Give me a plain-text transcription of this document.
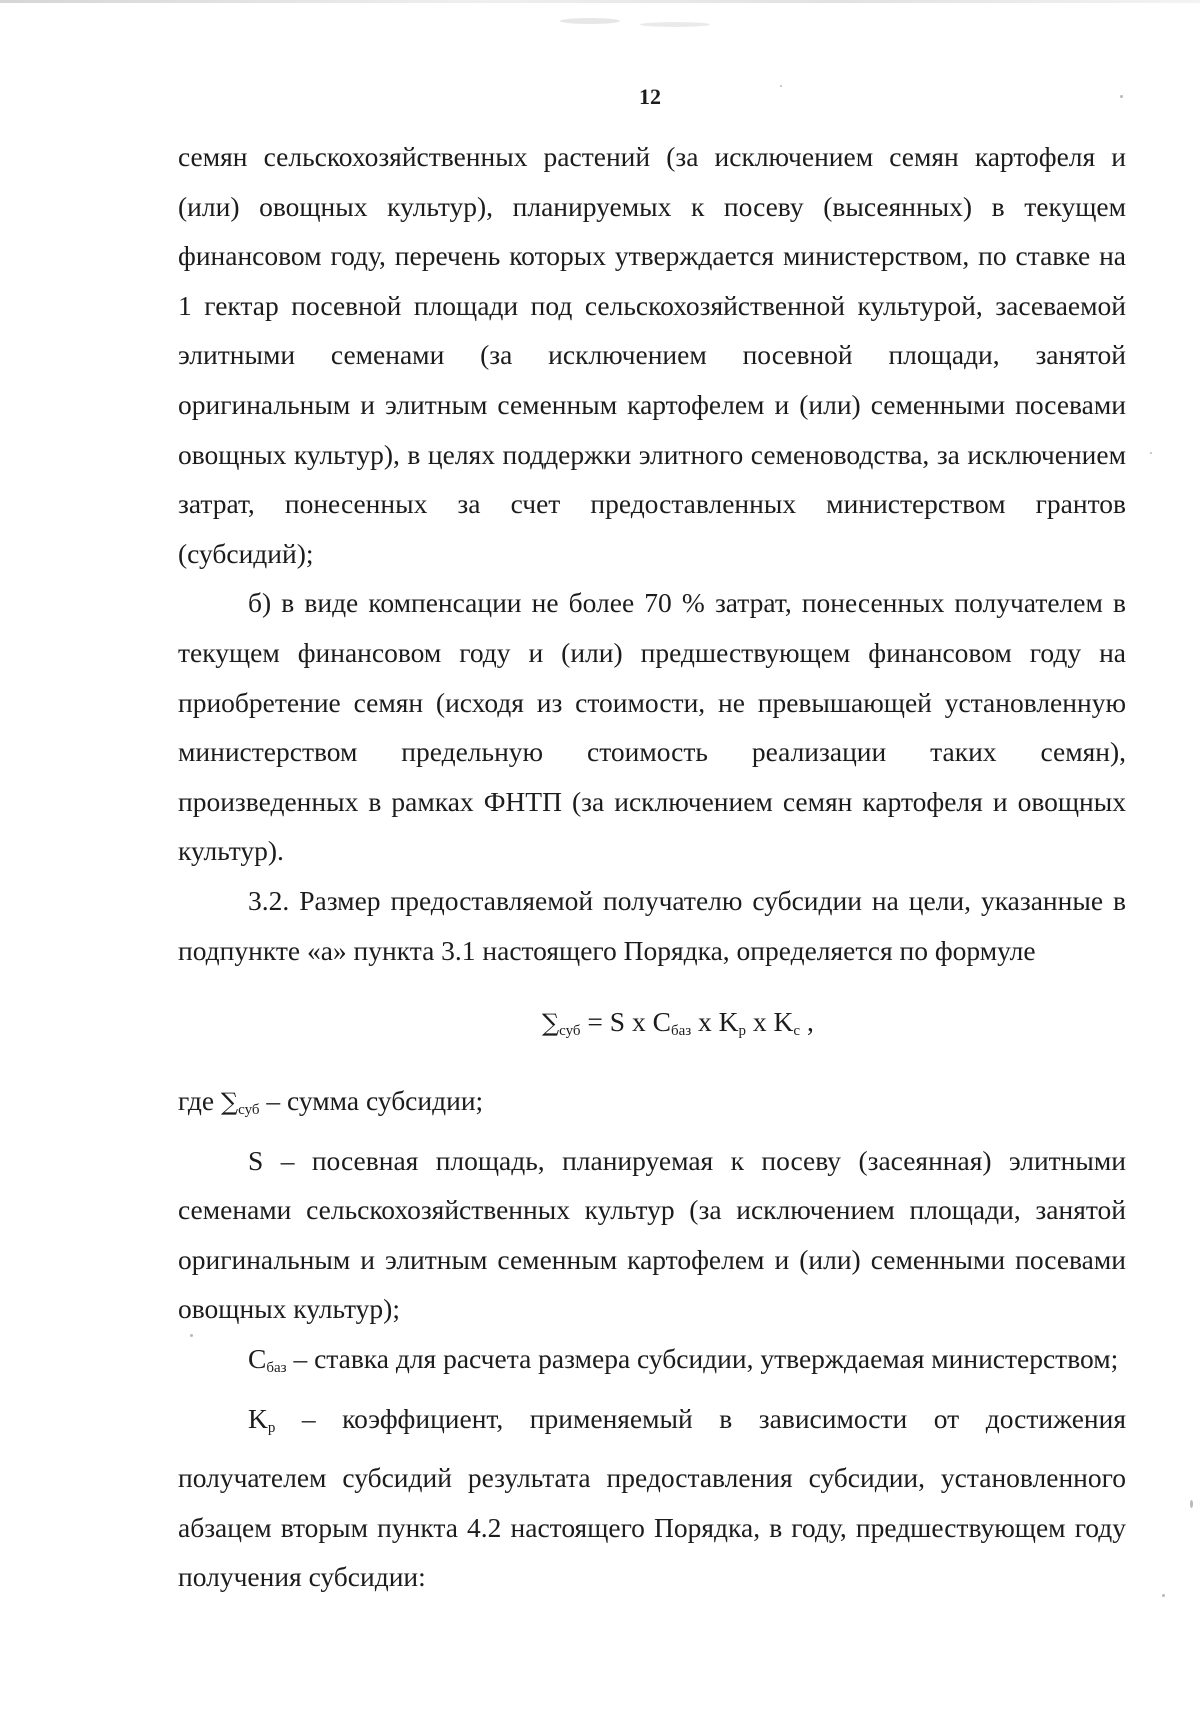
12

семян сельскохозяйственных растений (за исключением семян картофеля и (или) овощных культур), планируемых к посеву (высеянных) в текущем финансовом году, перечень которых утверждается министерством, по ставке на 1 гектар посевной площади под сельскохозяйственной культурой, засеваемой элитными семенами (за исключением посевной площади, занятой оригинальным и элитным семенным картофелем и (или) семенными посевами овощных культур), в целях поддержки элитного семеноводства, за исключением затрат, понесенных за счет предоставленных министерством грантов (субсидий);

б) в виде компенсации не более 70 % затрат, понесенных получателем в текущем финансовом году и (или) предшествующем финансовом году на приобретение семян (исходя из стоимости, не превышающей установленную министерством предельную стоимость реализации таких семян), произведенных в рамках ФНТП (за исключением семян картофеля и овощных культур).

3.2. Размер предоставляемой получателю субсидии на цели, указанные в подпункте «а» пункта 3.1 настоящего Порядка, определяется по формуле

$\sum_{суб} = S$ x $C_{баз}$ x $K_р$ x $K_с$ ,

где $\sum_{суб}$ – сумма субсидии;

S – посевная площадь, планируемая к посеву (засеянная) элитными семенами сельскохозяйственных культур (за исключением площади, занятой оригинальным и элитным семенным картофелем и (или) семенными посевами овощных культур);

$C_{баз}$ – ставка для расчета размера субсидии, утверждаемая министерством;

$K_р$ – коэффициент, применяемый в зависимости от достижения получателем субсидий результата предоставления субсидии, установленного абзацем вторым пункта 4.2 настоящего Порядка, в году, предшествующем году получения субсидии:
